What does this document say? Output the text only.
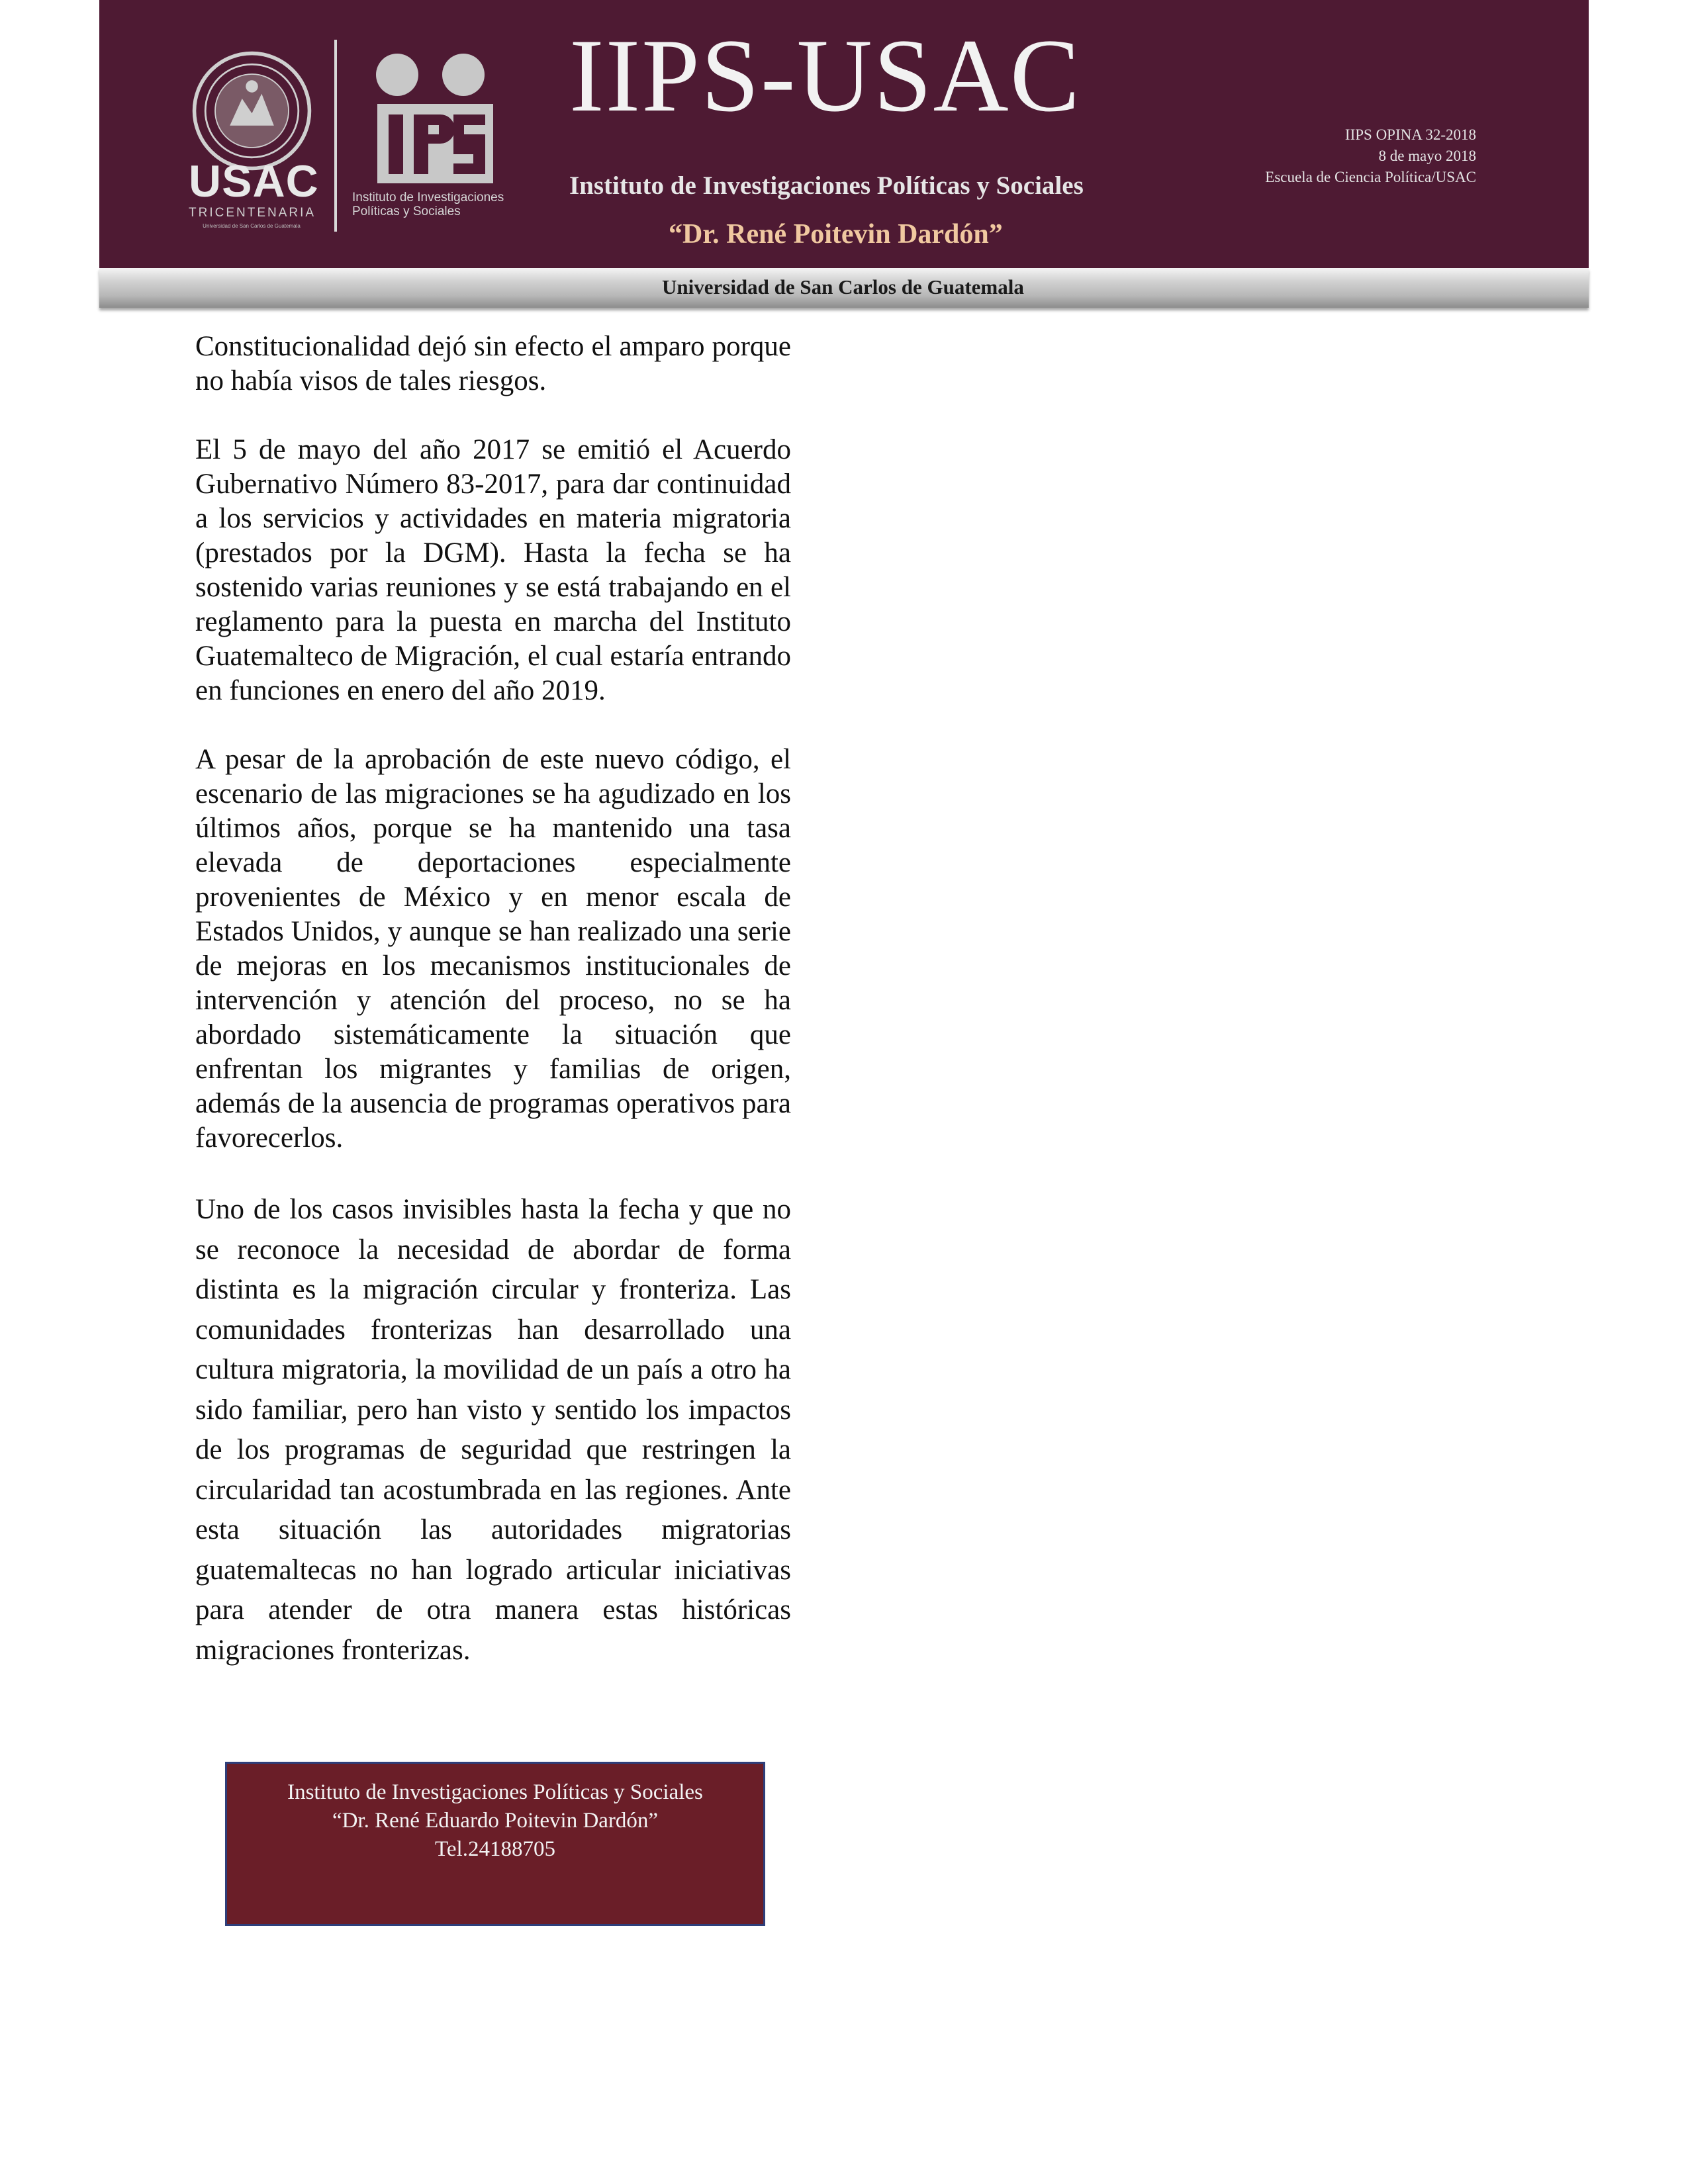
USAC
TRICENTENARIA
Universidad de San Carlos de Guatemala
Instituto de Investigaciones
Políticas y Sociales
IIPS-USAC
Instituto de Investigaciones Políticas y Sociales
“Dr. René Poitevin Dardón”
Universidad de San Carlos de Guatemala
IIPS OPINA 32-2018
8 de mayo 2018
Escuela de Ciencia Política/USAC

Constitucionalidad dejó sin efecto el amparo porque no había visos de tales riesgos.

El 5 de mayo del año 2017 se emitió el Acuerdo Gubernativo Número 83-2017, para dar continuidad a los servicios y actividades en materia migratoria (prestados por la DGM). Hasta la fecha se ha sostenido varias reuniones y se está trabajando en el reglamento para la puesta en marcha del Instituto Guatemalteco de Migración, el cual estaría entrando en funciones en enero del año 2019.

A pesar de la aprobación de este nuevo código, el escenario de las migraciones se ha agudizado en los últimos años, porque se ha mantenido una tasa elevada de deportaciones especialmente provenientes de México y en menor escala de Estados Unidos, y aunque se han realizado una serie de mejoras en los mecanismos institucionales de intervención y atención del proceso, no se ha abordado sistemáticamente la situación que enfrentan los migrantes y familias de origen, además de la ausencia de programas operativos para favorecerlos.

Uno de los casos invisibles hasta la fecha y que no se reconoce la necesidad de abordar de forma distinta es la migración circular y fronteriza. Las comunidades fronterizas han desarrollado una cultura migratoria, la movilidad de un país a otro ha sido familiar, pero han visto y sentido los impactos de los programas de seguridad que restringen la circularidad tan acostumbrada en las regiones. Ante esta situación las autoridades migratorias guatemaltecas no han logrado articular iniciativas para atender de otra manera estas históricas migraciones fronterizas.

Instituto de Investigaciones Políticas y Sociales
“Dr. René Eduardo Poitevin Dardón”
Tel.24188705
